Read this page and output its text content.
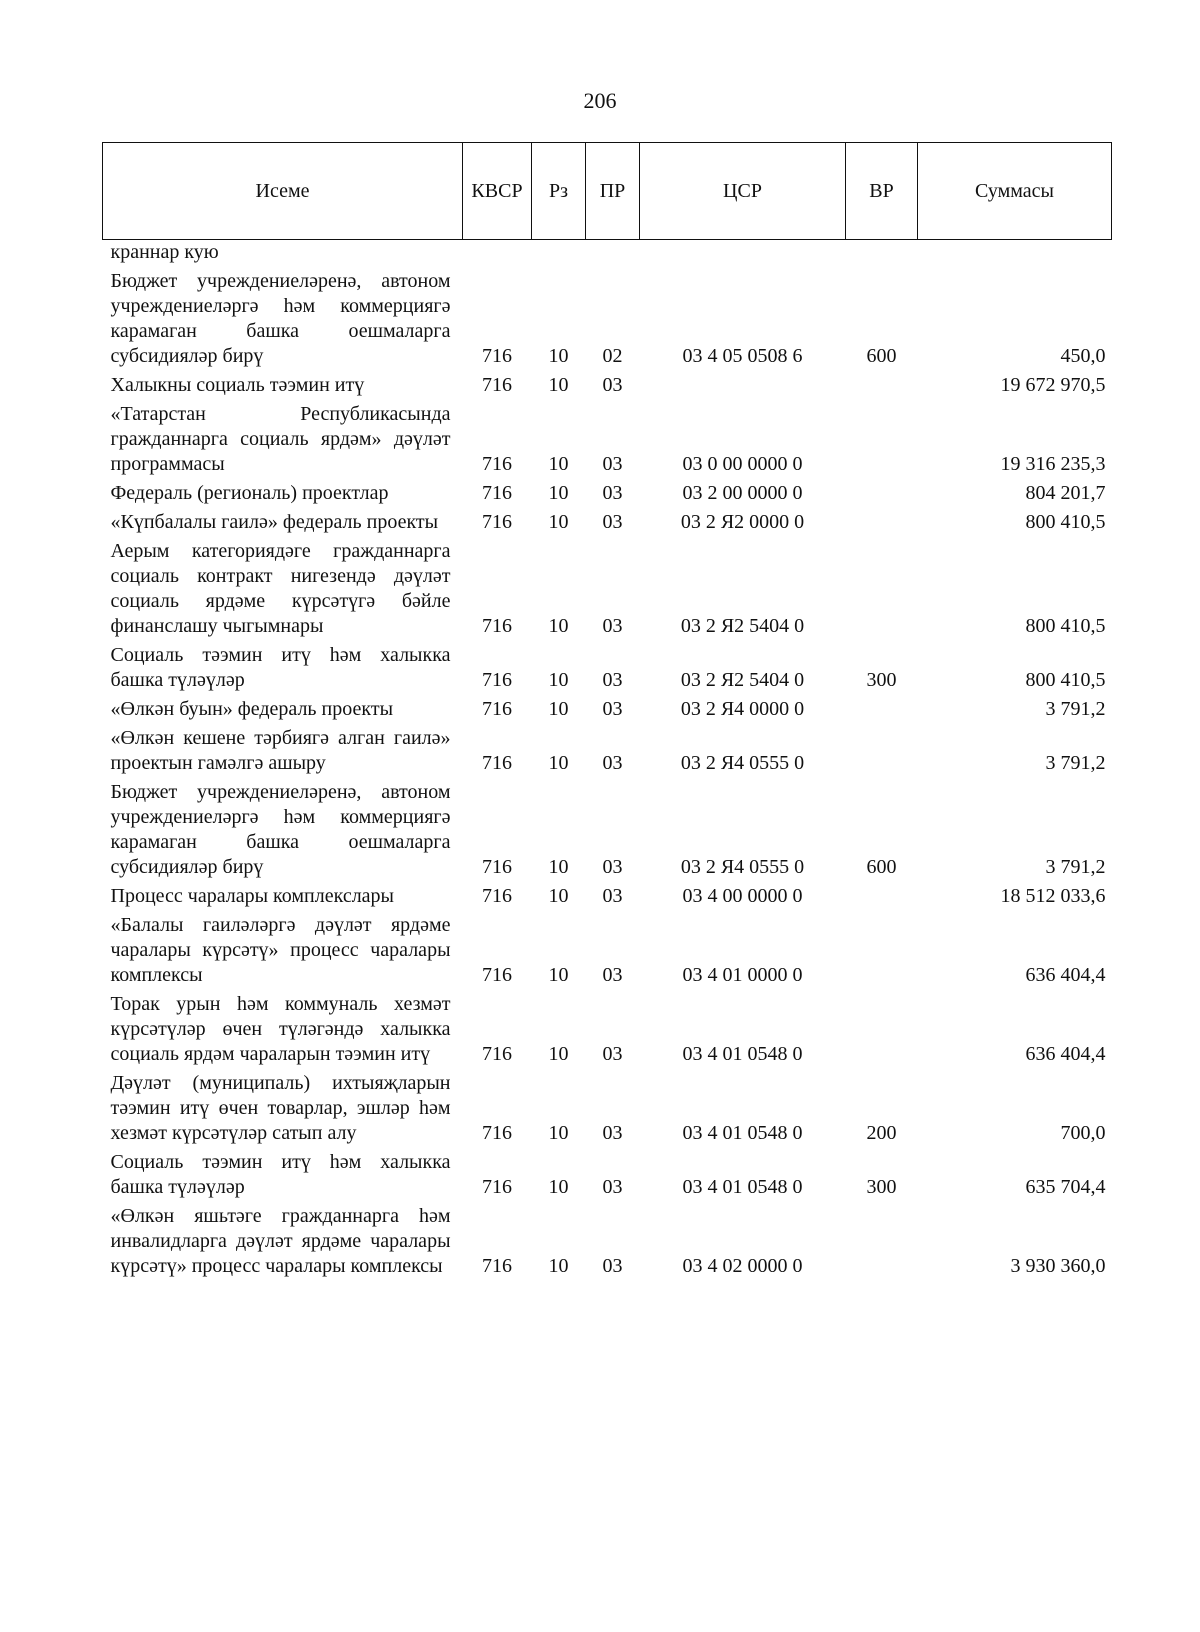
206
Исеме	КВСР	Рз	ПР	ЦСР	ВР	Суммасы
краннар кую						
Бюджет учреждениеләренә, автоном учреждениеләргә һәм коммерциягә карамаган башка оешмаларга субсидияләр бирү	716	10	02	03 4 05 0508 6	600	450,0
Халыкны социаль тәэмин итү	716	10	03			19 672 970,5
«Татарстан Республикасында гражданнарга социаль ярдәм» дәүләт программасы	716	10	03	03 0 00 0000 0		19 316 235,3
Федераль (региональ) проектлар	716	10	03	03 2 00 0000 0		804 201,7
«Күпбалалы гаилә» федераль проекты	716	10	03	03 2 Я2 0000 0		800 410,5
Аерым категориядәге гражданнарга социаль контракт нигезендә дәүләт социаль ярдәме күрсәтүгә бәйле финанслашу чыгымнары	716	10	03	03 2 Я2 5404 0		800 410,5
Социаль тәэмин итү һәм халыкка башка түләүләр	716	10	03	03 2 Я2 5404 0	300	800 410,5
«Өлкән буын» федераль проекты	716	10	03	03 2 Я4 0000 0		3 791,2
«Өлкән кешене тәрбиягә алган гаилә» проектын гамәлгә ашыру	716	10	03	03 2 Я4 0555 0		3 791,2
Бюджет учреждениеләренә, автоном учреждениеләргә һәм коммерциягә карамаган башка оешмаларга субсидияләр бирү	716	10	03	03 2 Я4 0555 0	600	3 791,2
Процесс чаралары комплекслары	716	10	03	03 4 00 0000 0		18 512 033,6
«Балалы гаиләләргә дәүләт ярдәме чаралары күрсәтү» процесс чаралары комплексы	716	10	03	03 4 01 0000 0		636 404,4
Торак урын һәм коммуналь хезмәт күрсәтүләр өчен түләгәндә халыкка социаль ярдәм чараларын тәэмин итү	716	10	03	03 4 01 0548 0		636 404,4
Дәүләт (муниципаль) ихтыяҗларын тәэмин итү өчен товарлар, эшләр һәм хезмәт күрсәтүләр сатып алу	716	10	03	03 4 01 0548 0	200	700,0
Социаль тәэмин итү һәм халыкка башка түләүләр	716	10	03	03 4 01 0548 0	300	635 704,4
«Өлкән яшьтәге гражданнарга һәм инвалидларга дәүләт ярдәме чаралары күрсәтү» процесс чаралары комплексы	716	10	03	03 4 02 0000 0		3 930 360,0
